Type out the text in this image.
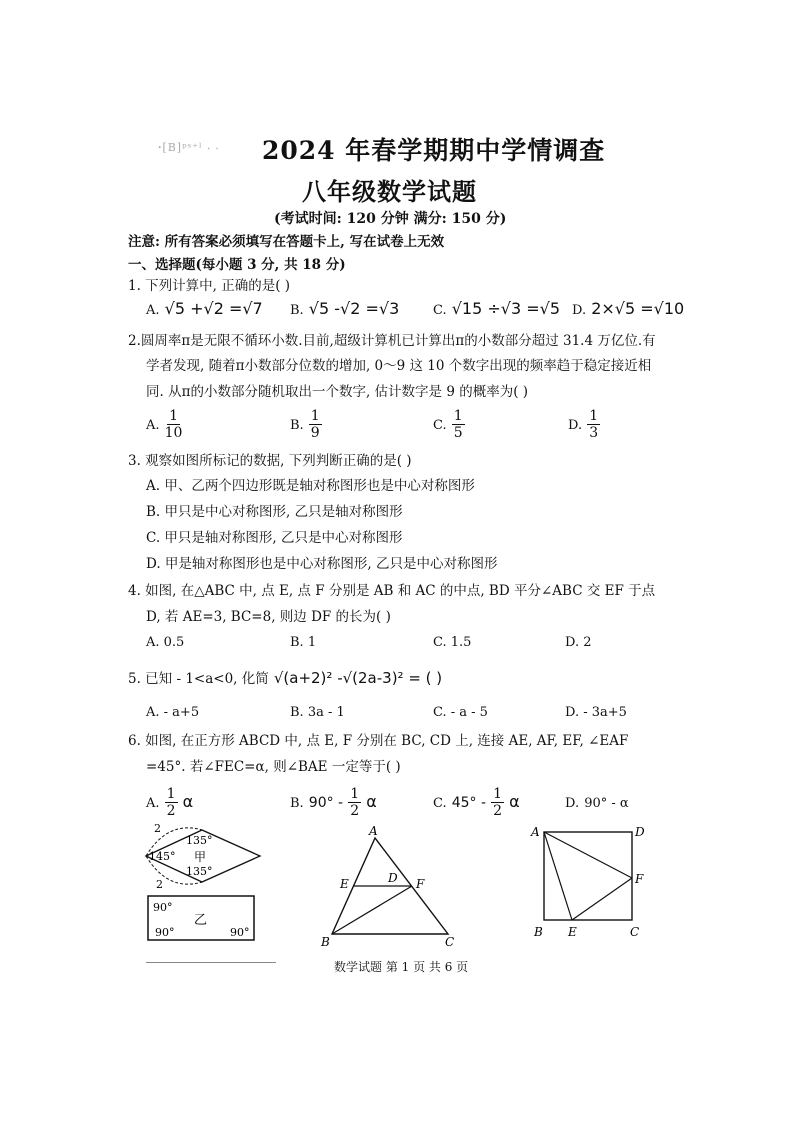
ꞏ[B]ᵖˢ⁺ˡ ‧ ‧ 2024 年春学期期中学情调查
八年级数学试题
(考试时间: 120 分钟 满分: 150 分)
注意: 所有答案必须填写在答题卡上, 写在试卷上无效
一、选择题(每小题 3 分, 共 18 分)
1. 下列计算中, 正确的是( )
A. √5 +√2 =√7 B. √5 -√2 =√3	C. √15 ÷√3 =√5 D. 2×√5 =√10
2.圆周率π是无限不循环小数.目前,超级计算机已计算出π的小数部分超过 31.4 万亿位.有
学者发现, 随着π小数部分位数的增加, 0～9 这 10 个数字出现的频率趋于稳定接近相
同. 从π的小数部分随机取出一个数字, 估计数字是 9 的概率为( )
A. $\frac{1}{10}$	B. $\frac{1}{9}$	C. $\frac{1}{5}$	D. $\frac{1}{3}$
3. 观察如图所标记的数据, 下列判断正确的是( )
A. 甲、乙两个四边形既是轴对称图形也是中心对称图形
B. 甲只是中心对称图形, 乙只是轴对称图形
C. 甲只是轴对称图形, 乙只是中心对称图形
D. 甲是轴对称图形也是中心对称图形, 乙只是中心对称图形
4. 如图, 在△ABC 中, 点 E, 点 F 分别是 AB 和 AC 的中点, BD 平分∠ABC 交 EF 于点
D, 若 AE=3, BC=8, 则边 DF 的长为( )
A. 0.5	B. 1	C. 1.5	D. 2
5. 已知 - 1<a<0, 化简 √(a+2)² -√(2a-3)² = ( )
A. - a+5	B. 3a - 1	C. - a - 5	D. - 3a+5
6. 如图, 在正方形 ABCD 中, 点 E, F 分别在 BC, CD 上, 连接 AE, AF, EF, ∠EAF
=45°. 若∠FEC=α, 则∠BAE 一定等于( )
A. $\frac{1}{2}$ α	B. $90^\circ - \frac{1}{2}$ α	C. $45^\circ - \frac{1}{2}$ α	D. 90° - α
2
2
135°
145° 甲
135°
90°
乙
90°	90°
A
E	D F
B	C
A	D
F
B E	C
数学试题 第 1 页 共 6 页
